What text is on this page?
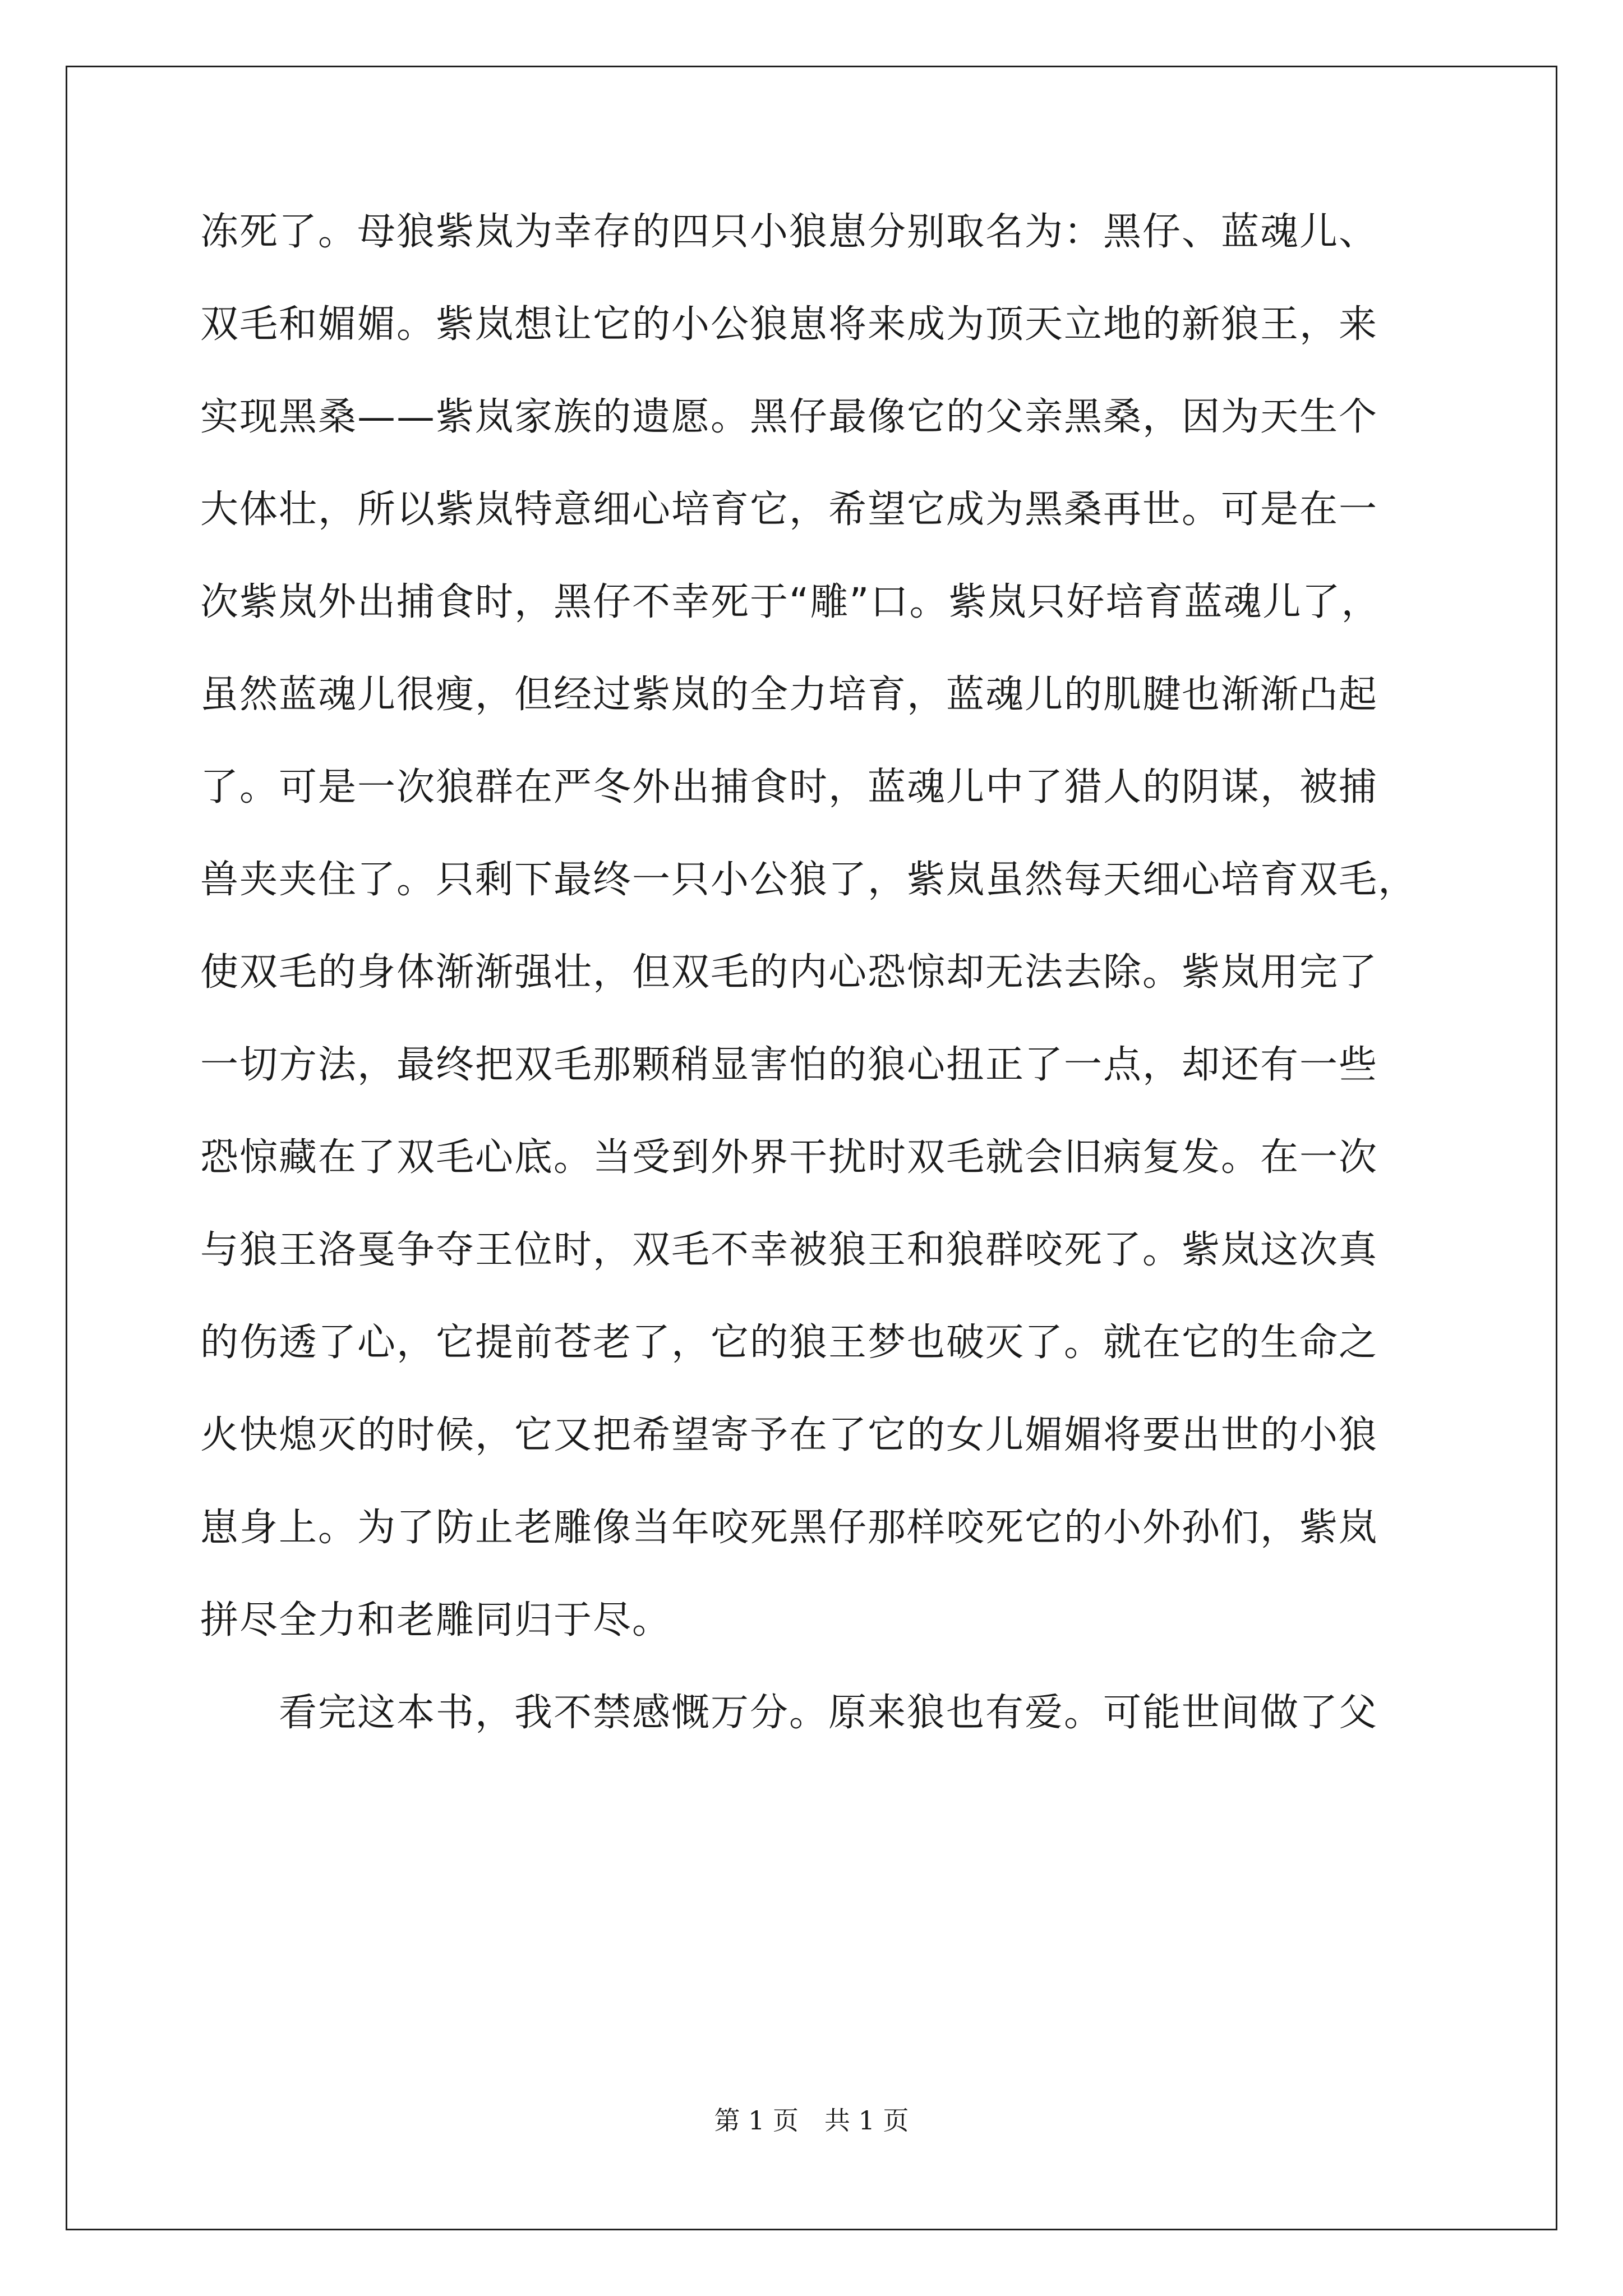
冻死了。母狼紫岚为幸存的四只小狼崽分别取名为：黑仔、蓝魂儿、
双毛和媚媚。紫岚想让它的小公狼崽将来成为顶天立地的新狼王，来
实现黑桑——紫岚家族的遗愿。黑仔最像它的父亲黑桑，因为天生个
大体壮，所以紫岚特意细心培育它，希望它成为黑桑再世。可是在一
次紫岚外出捕食时，黑仔不幸死于“雕”口。紫岚只好培育蓝魂儿了，
虽然蓝魂儿很瘦，但经过紫岚的全力培育，蓝魂儿的肌腱也渐渐凸起
了。可是一次狼群在严冬外出捕食时，蓝魂儿中了猎人的阴谋，被捕
兽夹夹住了。只剩下最终一只小公狼了，紫岚虽然每天细心培育双毛，
使双毛的身体渐渐强壮，但双毛的内心恐惊却无法去除。紫岚用完了
一切方法，最终把双毛那颗稍显害怕的狼心扭正了一点，却还有一些
恐惊藏在了双毛心底。当受到外界干扰时双毛就会旧病复发。在一次
与狼王洛戛争夺王位时，双毛不幸被狼王和狼群咬死了。紫岚这次真
的伤透了心，它提前苍老了，它的狼王梦也破灭了。就在它的生命之
火快熄灭的时候，它又把希望寄予在了它的女儿媚媚将要出世的小狼
崽身上。为了防止老雕像当年咬死黑仔那样咬死它的小外孙们，紫岚
拼尽全力和老雕同归于尽。
看完这本书，我不禁感慨万分。原来狼也有爱。可能世间做了父
第 1 页　共 1 页
